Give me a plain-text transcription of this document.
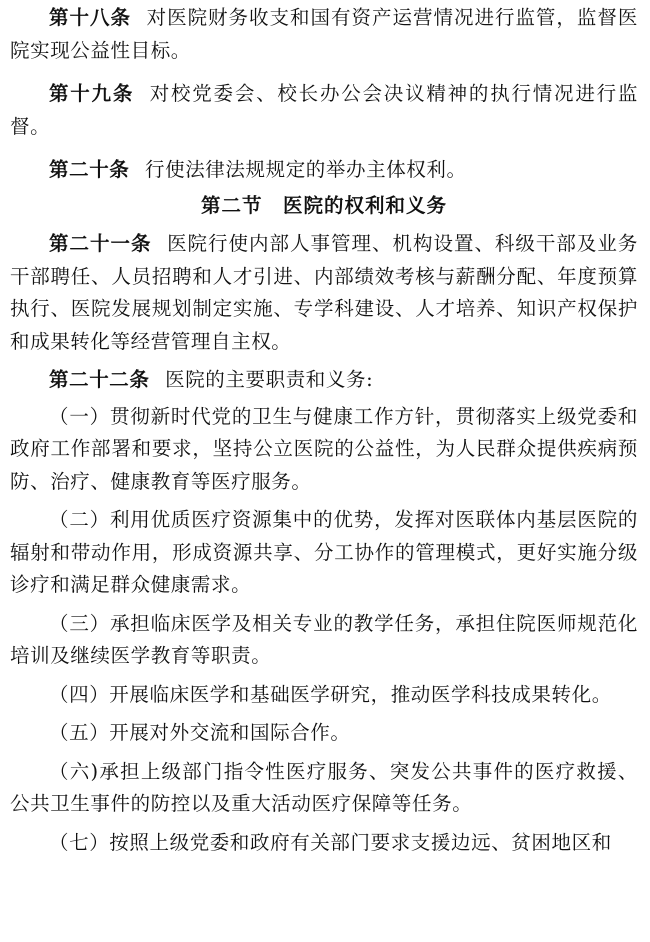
第十八条 对医院财务收支和国有资产运营情况进行监管，监督医院实现公益性目标。

第十九条 对校党委会、校长办公会决议精神的执行情况进行监督。

第二十条 行使法律法规规定的举办主体权利。

第二节　医院的权利和义务

第二十一条 医院行使内部人事管理、机构设置、科级干部及业务干部聘任、人员招聘和人才引进、内部绩效考核与薪酬分配、年度预算执行、医院发展规划制定实施、专学科建设、人才培养、知识产权保护和成果转化等经营管理自主权。

第二十二条 医院的主要职责和义务:

（一）贯彻新时代党的卫生与健康工作方针，贯彻落实上级党委和政府工作部署和要求，坚持公立医院的公益性，为人民群众提供疾病预防、治疗、健康教育等医疗服务。

（二）利用优质医疗资源集中的优势，发挥对医联体内基层医院的辐射和带动作用，形成资源共享、分工协作的管理模式，更好实施分级诊疗和满足群众健康需求。

（三）承担临床医学及相关专业的教学任务，承担住院医师规范化培训及继续医学教育等职责。

（四）开展临床医学和基础医学研究，推动医学科技成果转化。

（五）开展对外交流和国际合作。

（六)承担上级部门指令性医疗服务、突发公共事件的医疗救援、公共卫生事件的防控以及重大活动医疗保障等任务。

（七）按照上级党委和政府有关部门要求支援边远、贫困地区和
